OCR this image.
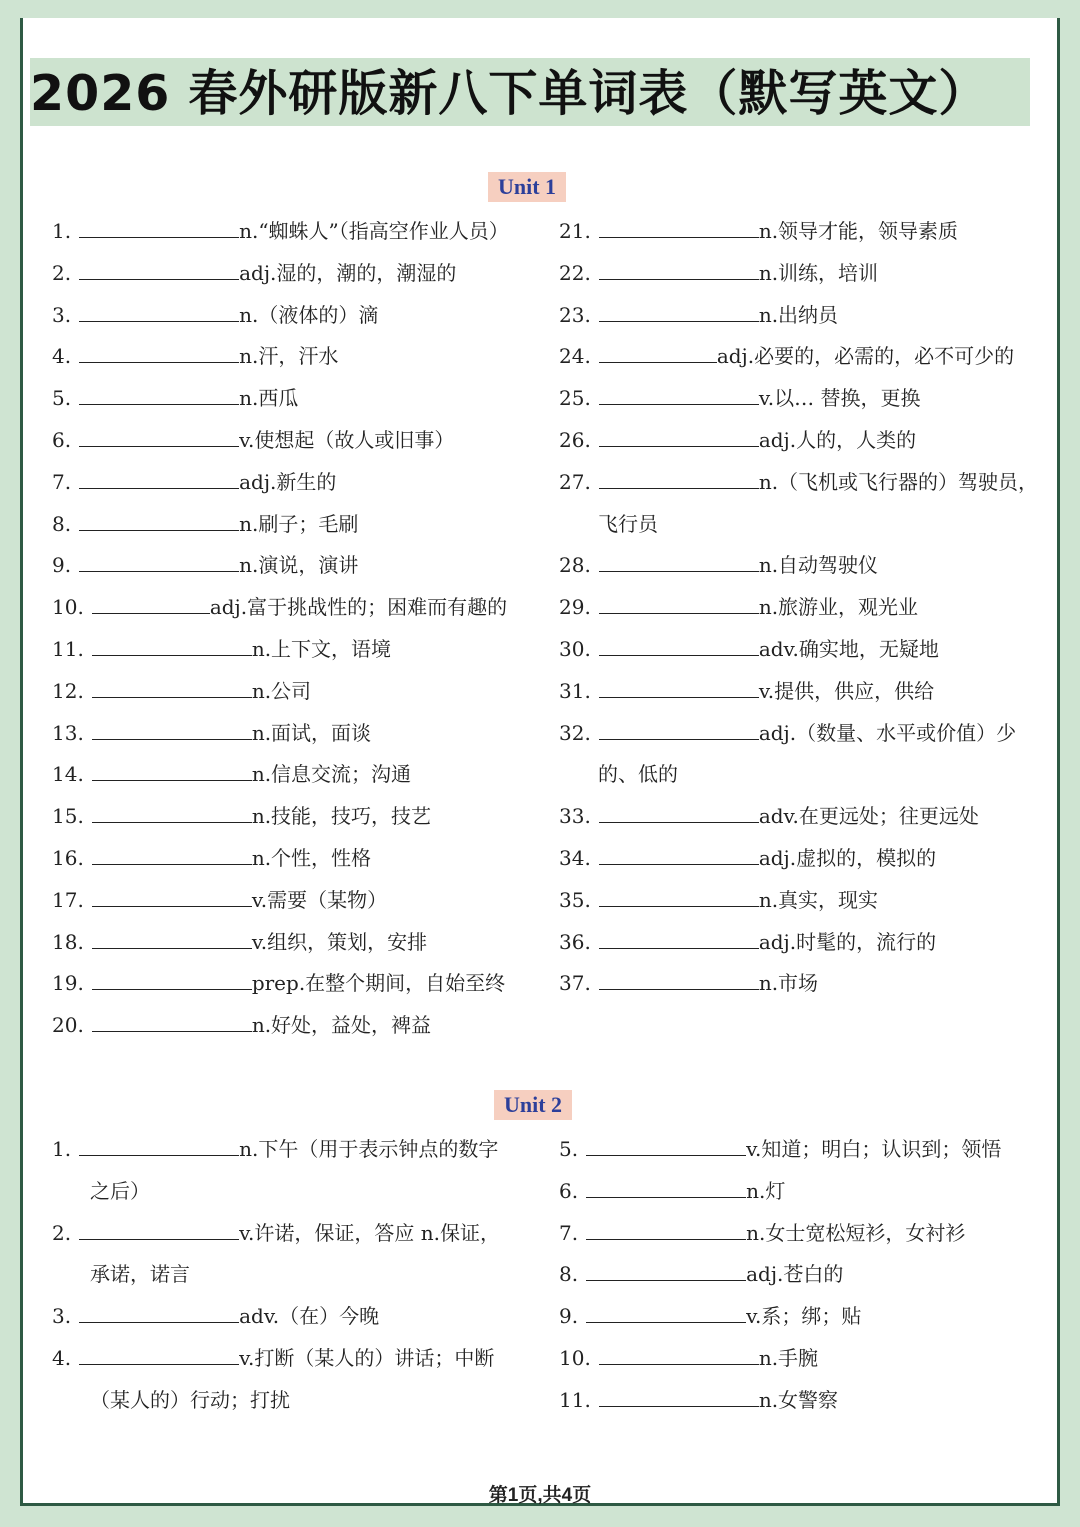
2026 春外研版新八下单词表（默写英文）
Unit 1
Unit 2
1.	n.“蜘蛛人”（指高空作业人员）
2.	adj.湿的，潮的，潮湿的
3.	n.（液体的）滴
4.	n.汗，汗水
5.	n.西瓜
6.	v.使想起（故人或旧事）
7.	adj.新生的
8.	n.刷子；毛刷
9.	n.演说，演讲
10.	adj.富于挑战性的；困难而有趣的
11.	n.上下文，语境
12.	n.公司
13.	n.面试，面谈
14.	n.信息交流；沟通
15.	n.技能，技巧，技艺
16.	n.个性，性格
17.	v.需要（某物）
18.	v.组织，策划，安排
19.	prep.在整个期间，自始至终
20.	n.好处，益处，裨益
21.	n.领导才能，领导素质
22.	n.训练，培训
23.	n.出纳员
24.	adj.必要的，必需的，必不可少的
25.	v.以… 替换，更换
26.	adj.人的，人类的
27.	n.（飞机或飞行器的）驾驶员，
飞行员
28.	n.自动驾驶仪
29.	n.旅游业，观光业
30.	adv.确实地，无疑地
31.	v.提供，供应，供给
32.	adj.（数量、水平或价值）少
的、低的
33.	adv.在更远处；往更远处
34.	adj.虚拟的，模拟的
35.	n.真实，现实
36.	adj.时髦的，流行的
37.	n.市场
1.	n.下午（用于表示钟点的数字
之后）
2.	v.许诺，保证，答应 n.保证，
承诺，诺言
3.	adv.（在）今晚
4.	v.打断（某人的）讲话；中断
（某人的）行动；打扰
5.	v.知道；明白；认识到；领悟
6.	n.灯
7.	n.女士宽松短衫，女衬衫
8.	adj.苍白的
9.	v.系；绑；贴
10.	n.手腕
11.	n.女警察
第1页,共4页
